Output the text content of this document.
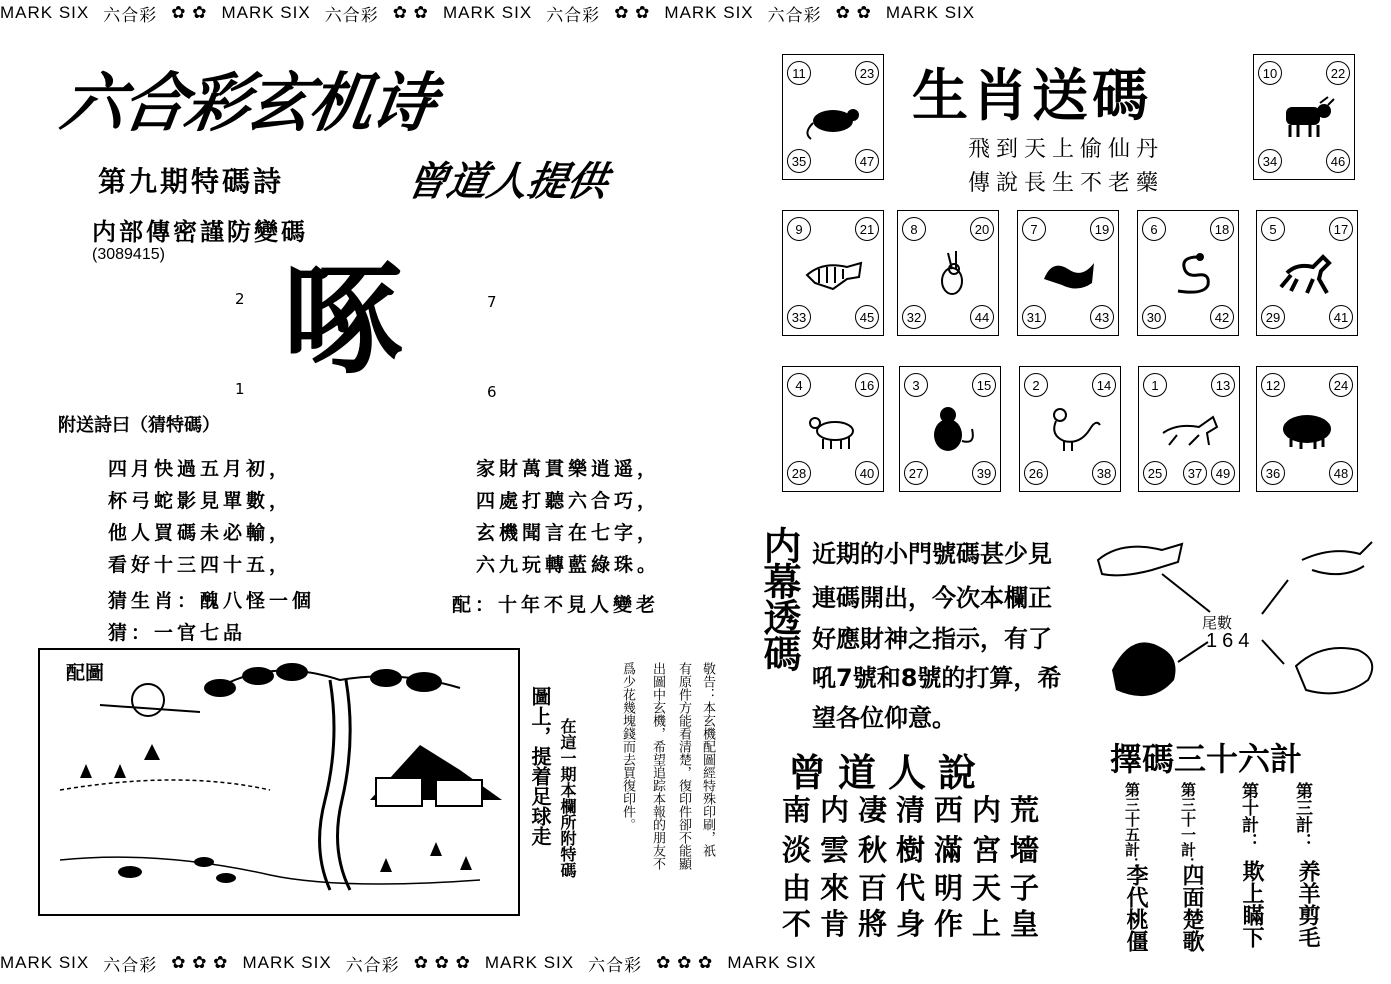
MARK SIX 六合彩 ✿ ✿ MARK SIX 六合彩 ✿ ✿ MARK SIX 六合彩 ✿ ✿ MARK SIX 六合彩 ✿ ✿ MARK SIX
六合彩玄机诗
第九期特碼詩	曾道人提供
内部傳密謹防變碼
(3089415)
2	7
1	6
啄
附送詩曰（猜特碼）
四月快過五月初，
杯弓蛇影見單數，
他人買碼未必輸，
看好十三四十五，
猜生肖：醜八怪一個
猜：一官七品
家財萬貫樂逍遥，
四處打聽六合巧，
玄機聞言在七字，
六九玩轉藍綠珠。
配：十年不見人變老
配圖
在這一期本欄所附特碼
圖上，提着足球走	敬告：本玄機配圖經特殊印刷，祇
有原件方能看清楚，復印件卻不能顯
出圖中玄機，希望追踪本報的朋友不
爲少花幾塊錢而去買復印件。
生肖送碼
飛到天上偷仙丹
傳說長生不老藥
11	23
35	47
10	22
34	46
9	21
33	45
8	20
32	44
7	19
31	43
6	18
30	42
5	17
29	41
4	16
28	40
3	15
27	39
2	14
26	38
1	13
25	37	49
12	24
36	48
内幕透碼 近期的小門號碼甚少見
連碼開出，今次本欄正
好應財神之指示，有了
吼7號和8號的打算，希
望各位仰意。
尾數
164
曾道人說
南内凄清西内荒
淡雲秋樹滿宮墻
由來百代明天子
不肯將身作上皇
擇碼三十六計
第三計：
养羊剪毛
第十計：
欺上瞞下
第三十一計：
四面楚歌
第三十五計：
李代桃僵
MARK SIX 六合彩 ✿ ✿ ✿ MARK SIX 六合彩 ✿ ✿ ✿ MARK SIX 六合彩 ✿ ✿ ✿ MARK SIX
